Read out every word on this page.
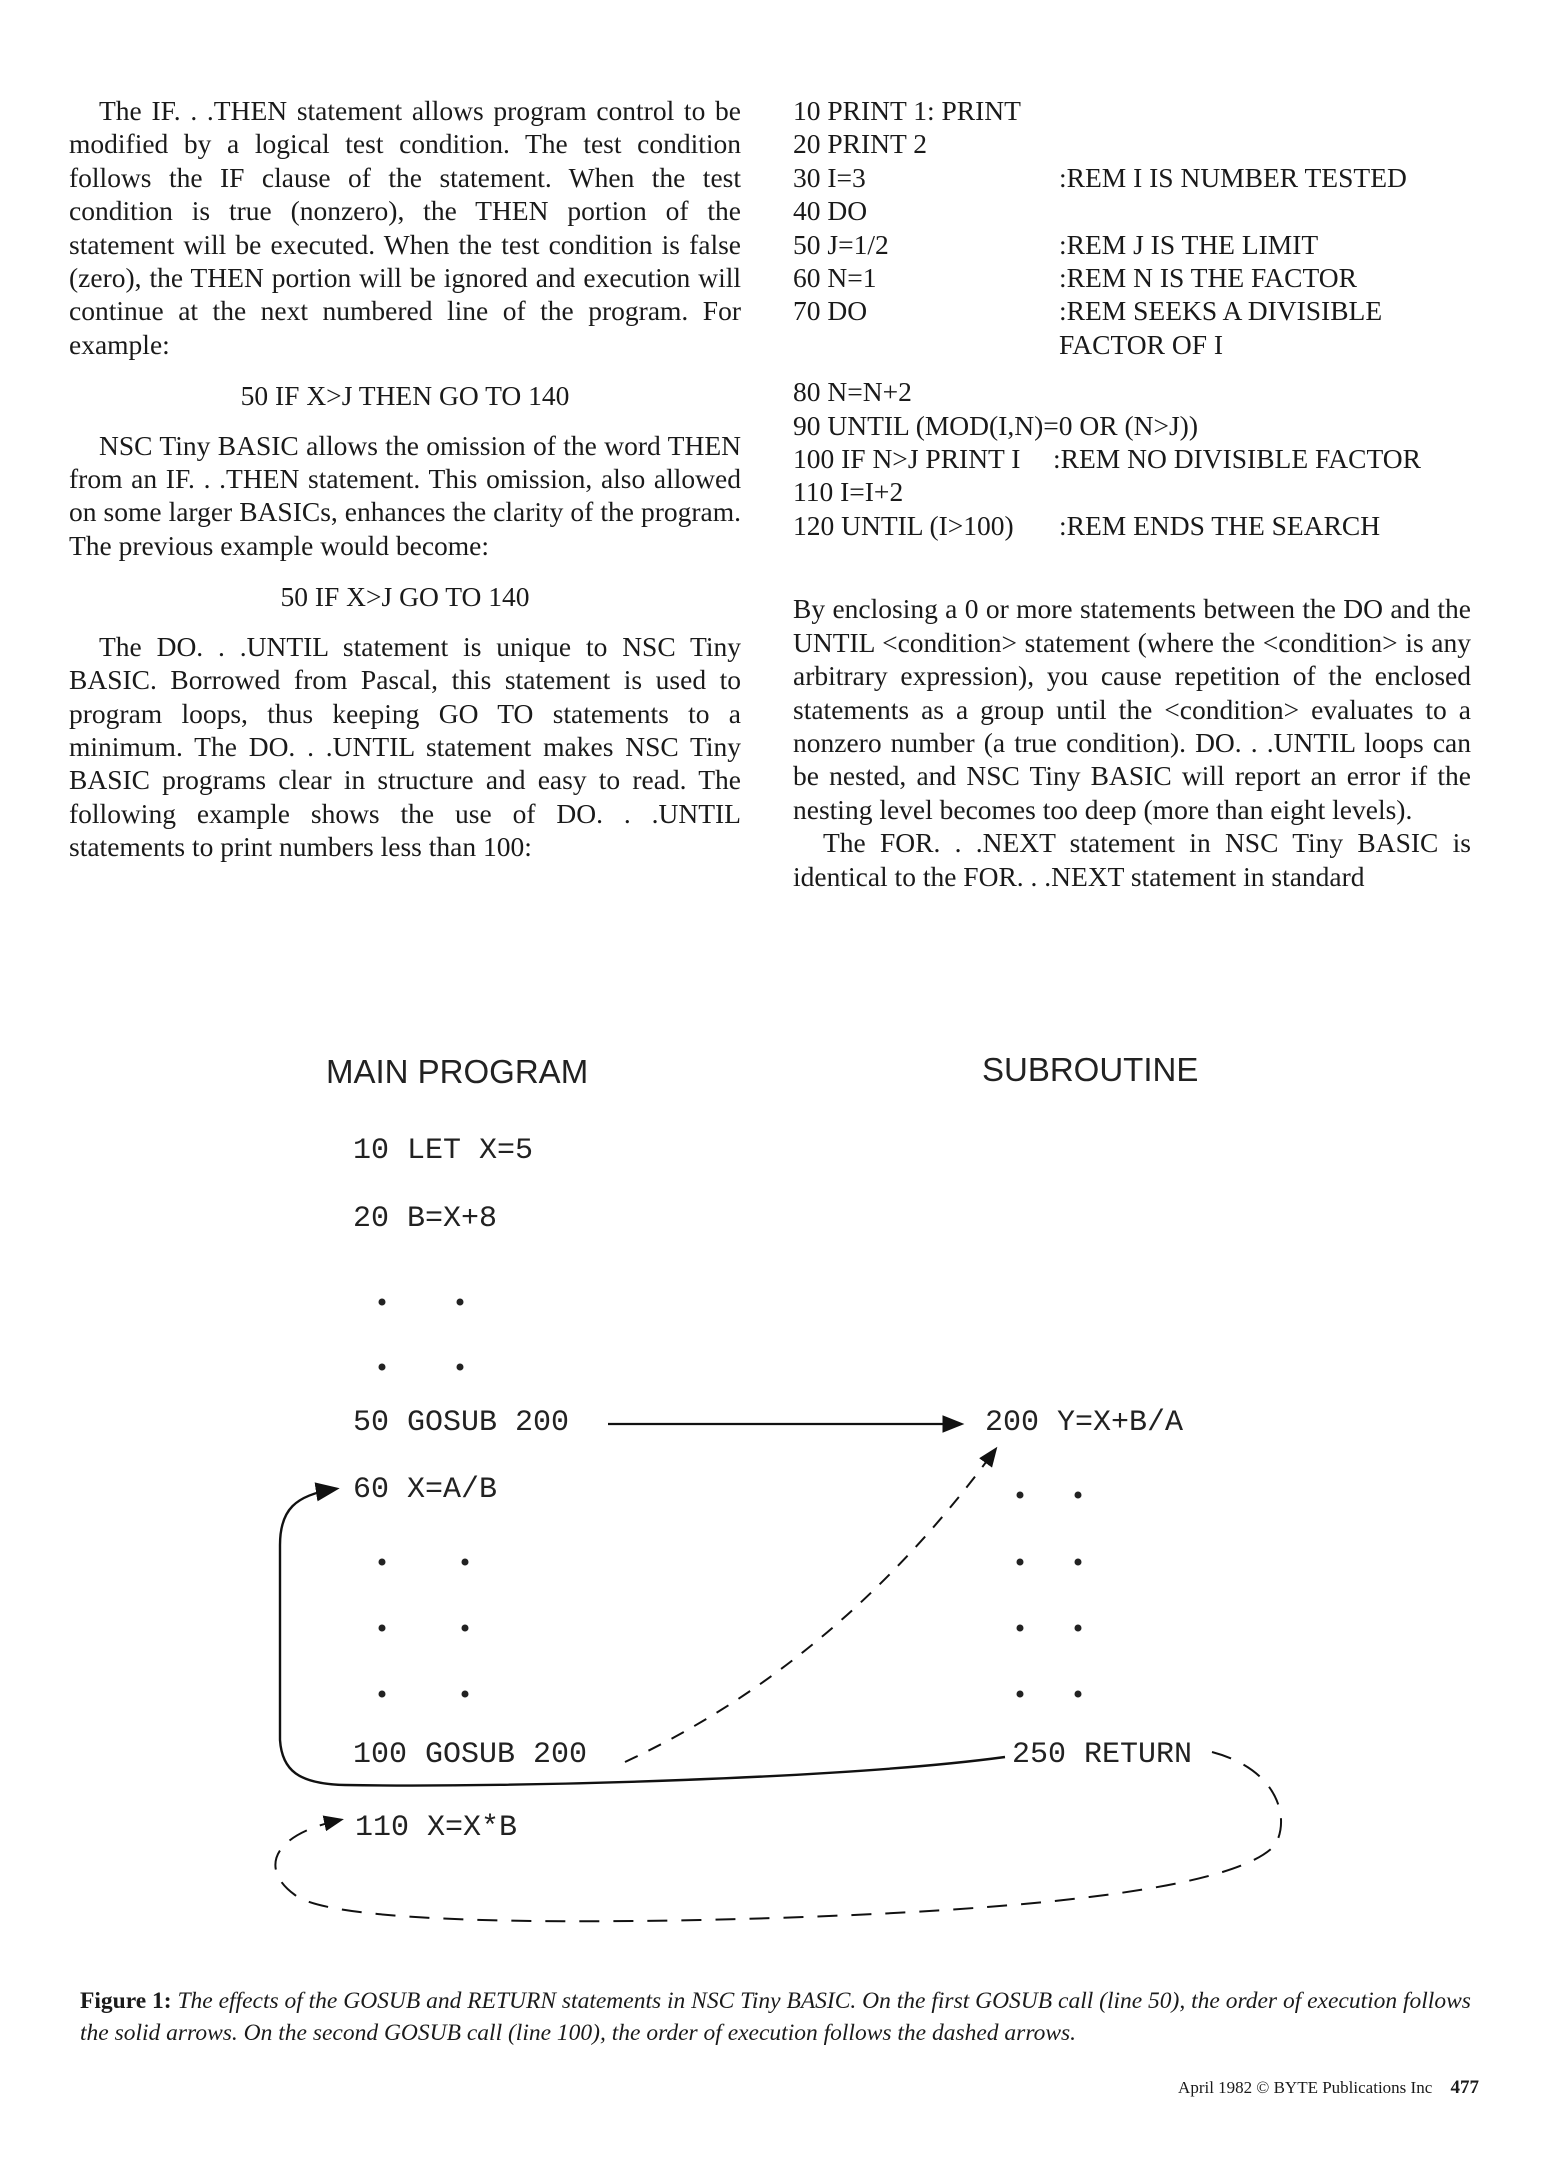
The IF. . .THEN statement allows program control to be modified by a logical test condition. The test condition follows the IF clause of the statement. When the test condition is true (nonzero), the THEN portion of the statement will be executed. When the test condition is false (zero), the THEN portion will be ignored and execution will continue at the next numbered line of the program. For example:

50 IF X>J THEN GO TO 140

NSC Tiny BASIC allows the omission of the word THEN from an IF. . .THEN statement. This omission, also allowed on some larger BASICs, enhances the clarity of the program. The previous example would become:

50 IF X>J GO TO 140

The DO. . .UNTIL statement is unique to NSC Tiny BASIC. Borrowed from Pascal, this statement is used to program loops, thus keeping GO TO statements to a minimum. The DO. . .UNTIL statement makes NSC Tiny BASIC programs clear in structure and easy to read. The following example shows the use of DO. . .UNTIL statements to print numbers less than 100:

10 PRINT 1: PRINT
20 PRINT 2
30 I=3	:REM I IS NUMBER TESTED
40 DO
50 J=1/2	:REM J IS THE LIMIT
60 N=1	:REM N IS THE FACTOR
70 DO	:REM SEEKS A DIVISIBLE FACTOR OF I
80 N=N+2
90 UNTIL (MOD(I,N)=0 OR (N>J))
100 IF N>J PRINT I	:REM NO DIVISIBLE FACTOR
110 I=I+2
120 UNTIL (I>100)	:REM ENDS THE SEARCH

By enclosing a 0 or more statements between the DO and the UNTIL <condition> statement (where the <condition> is any arbitrary expression), you cause repetition of the enclosed statements as a group until the <condition> evaluates to a nonzero number (a true condition). DO. . .UNTIL loops can be nested, and NSC Tiny BASIC will report an error if the nesting level becomes too deep (more than eight levels).

The FOR. . .NEXT statement in NSC Tiny BASIC is identical to the FOR. . .NEXT statement in standard

MAIN PROGRAM	SUBROUTINE
10 LET X=5
20 B=X+8
50 GOSUB 200
60 X=A/B
100 GOSUB 200
110 X=X*B
200 Y=X+B/A
250 RETURN
Figure 1: The effects of the GOSUB and RETURN statements in NSC Tiny BASIC. On the first GOSUB call (line 50), the order of execution follows the solid arrows. On the second GOSUB call (line 100), the order of execution follows the dashed arrows.
April 1982 © BYTE Publications Inc 477
